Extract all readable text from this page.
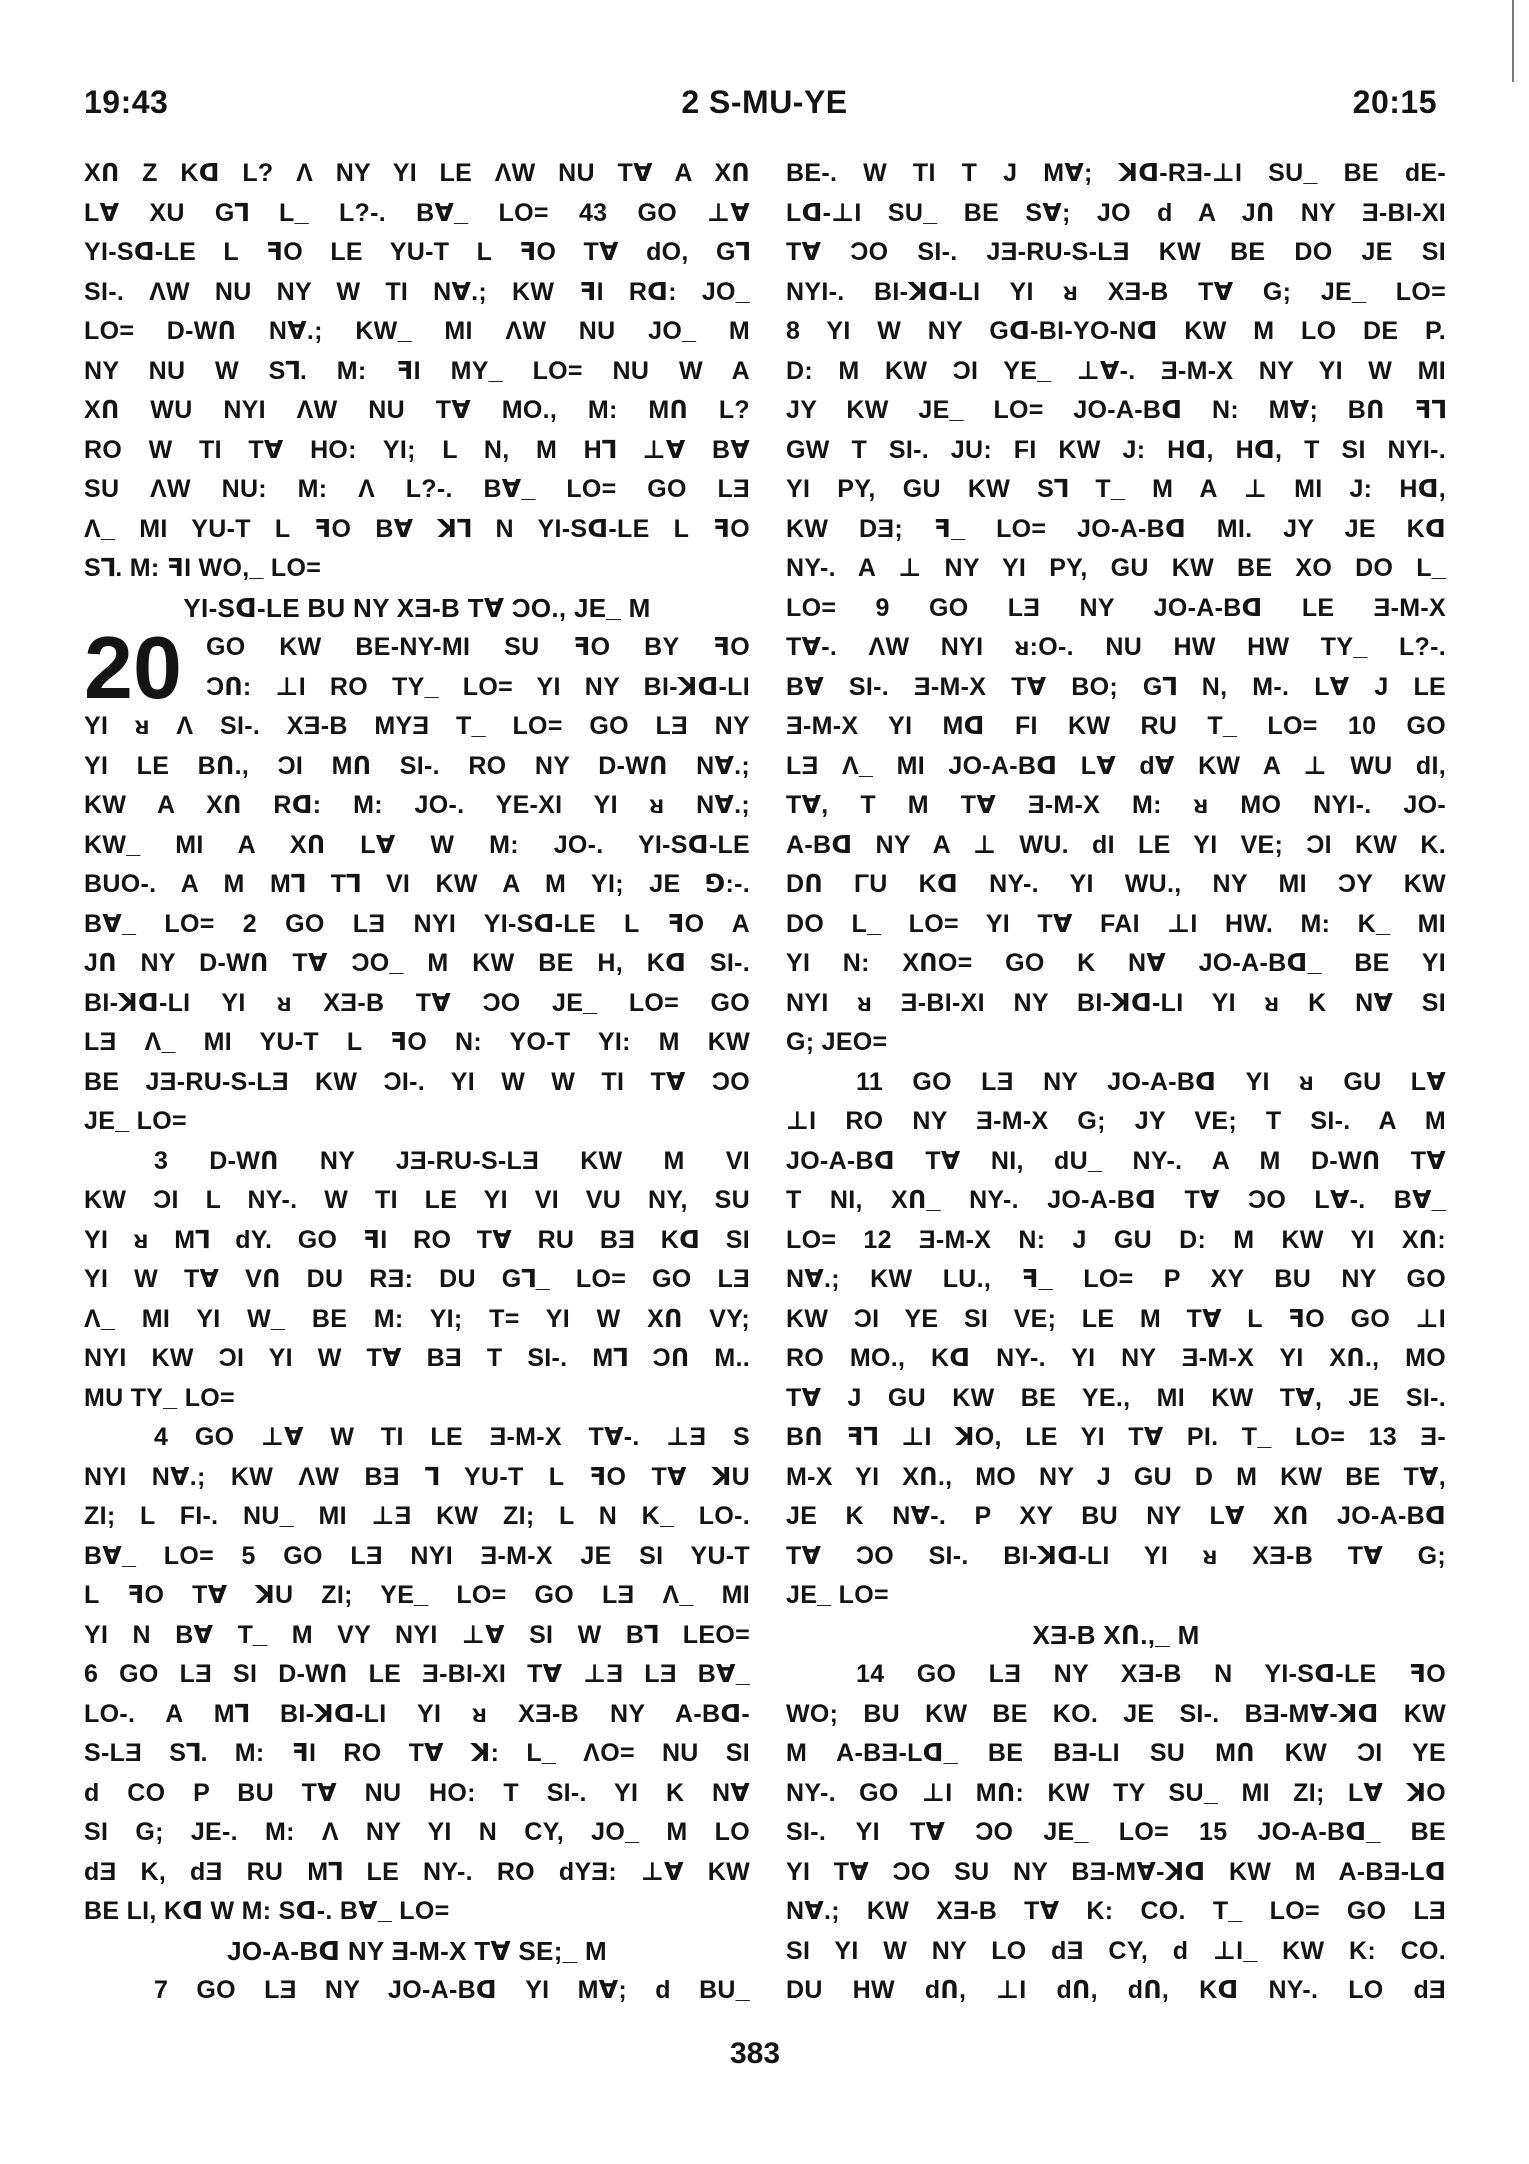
19:43	2 S-MU-YE	20:15
XՈ Z Kᗡ L? Ʌ NY YI LE ɅW NU TⱯ A XՈ
LⱯ XU G⅂ L_ L?-. BⱯ_ LO= 43 GO ⊥Ɐ
YI-Sᗡ-LE L ꟻO LE YU-T L ꟻO TⱯ dO, G⅂
SI-. ɅW NU NY W TI NⱯ.; KW ꟻI Rᗡ: JO_
LO= D-WՈ NⱯ.; KW_ MI ɅW NU JO_ M
NY NU W S⅂. M: ꟻI MY_ LO= NU W A
XՈ WU NYI ɅW NU TⱯ MO., M: MՈ L?
RO W TI TⱯ HO: YI; L N, M H⅂ ⊥Ɐ BⱯ
SU ɅW NU: M: Ʌ L?-. BⱯ_ LO= GO LƎ
Ʌ_ MI YU-T L ꟻO BⱯ ꓘ⅂ N YI-Sᗡ-LE L ꟻO
S⅂. M: ꟻI WO,_ LO=
YI-Sᗡ-LE BU NY XƎ-B TⱯ ƆO., JE_ M
20 GO KW BE-NY-MI SU ꟻO BY ꟻO
ƆՈ: ⊥I RO TY_ LO= YI NY BI-ꓘᗡ-LI
YI ᴚ Ʌ SI-. XƎ-B MYƎ T_ LO= GO LƎ NY
YI LE BՈ., ƆI MՈ SI-. RO NY D-WՈ NⱯ.;
KW A XՈ Rᗡ: M: JO-. YE-XI YI ᴚ NⱯ.;
KW_ MI A XՈ LⱯ W M: JO-. YI-Sᗡ-LE
BUO-. A M M⅂ T⅂ VI KW A M YI; JE ⅁:-.
BⱯ_ LO= 2 GO LƎ NYI YI-Sᗡ-LE L ꟻO A
JՈ NY D-WՈ TⱯ ƆO_ M KW BE H, Kᗡ SI-.
BI-ꓘᗡ-LI YI ᴚ XƎ-B TⱯ ƆO JE_ LO= GO
LƎ Ʌ_ MI YU-T L ꟻO N: YO-T YI: M KW
BE JƎ-RU-S-LƎ KW ƆI-. YI W W TI TⱯ ƆO
JE_ LO=
3 D-WՈ NY JƎ-RU-S-LƎ KW M VI
KW ƆI L NY-. W TI LE YI VI VU NY, SU
YI ᴚ M⅂ dY. GO ꟻI RO TⱯ RU BƎ Kᗡ SI
YI W TⱯ VՈ DU RƎ: DU G⅂_ LO= GO LƎ
Ʌ_ MI YI W_ BE M: YI; T= YI W XՈ VY;
NYI KW ƆI YI W TⱯ BƎ T SI-. M⅂ ƆՈ M..
MU TY_ LO=
4 GO ⊥Ɐ W TI LE Ǝ-M-X TⱯ-. ⊥Ǝ S
NYI NⱯ.; KW ɅW BƎ ⅂ YU-T L ꟻO TⱯ ꓘU
ZI; L FI-. NU_ MI ⊥Ǝ KW ZI; L N K_ LO-.
BⱯ_ LO= 5 GO LƎ NYI Ǝ-M-X JE SI YU-T
L ꟻO TⱯ ꓘU ZI; YE_ LO= GO LƎ Ʌ_ MI
YI N BⱯ T_ M VY NYI ⊥Ɐ SI W B⅂ LEO=
6 GO LƎ SI D-WՈ LE Ǝ-BI-XI TⱯ ⊥Ǝ LƎ BⱯ_
LO-. A M⅂ BI-ꓘᗡ-LI YI ᴚ XƎ-B NY A-Bᗡ-
S-LƎ S⅂. M: ꟻI RO TⱯ ꓘ: L_ ɅO= NU SI
d CO P BU TⱯ NU HO: T SI-. YI K NⱯ
SI G; JE-. M: Ʌ NY YI N CY, JO_ M LO
dƎ K, dƎ RU M⅂ LE NY-. RO dYƎ: ⊥Ɐ KW
BE LI, Kᗡ W M: Sᗡ-. BⱯ_ LO=
JO-A-Bᗡ NY Ǝ-M-X TⱯ SE;_ M
7 GO LƎ NY JO-A-Bᗡ YI MⱯ; d BU_
BE-. W TI T J MⱯ; ꓘᗡ-RƎ-⊥I SU_ BE dE-
Lᗡ-⊥I SU_ BE SⱯ; JO d A JՈ NY Ǝ-BI-XI
TⱯ ƆO SI-. JƎ-RU-S-LƎ KW BE DO JE SI
NYI-. BI-ꓘᗡ-LI YI ᴚ XƎ-B TⱯ G; JE_ LO=
8 YI W NY Gᗡ-BI-YO-Nᗡ KW M LO DE P.
D: M KW ƆI YE_ ⊥Ɐ-. Ǝ-M-X NY YI W MI
JY KW JE_ LO= JO-A-Bᗡ N: MⱯ; BՈ ꟻ⅂
GW T SI-. JU: FI KW J: Hᗡ, Hᗡ, T SI NYI-.
YI PY, GU KW S⅂ T_ M A ⊥ MI J: Hᗡ,
KW DƎ; ꟻ_ LO= JO-A-Bᗡ MI. JY JE Kᗡ
NY-. A ⊥ NY YI PY, GU KW BE XO DO L_
LO= 9 GO LƎ NY JO-A-Bᗡ LE Ǝ-M-X
TⱯ-. ɅW NYI ᴚ:O-. NU HW HW TY_ L?-.
BⱯ SI-. Ǝ-M-X TⱯ BO; G⅂ N, M-. LⱯ J LE
Ǝ-M-X YI Mᗡ FI KW RU T_ LO= 10 GO
LƎ Ʌ_ MI JO-A-Bᗡ LⱯ dⱯ KW A ⊥ WU dI,
TⱯ, T M TⱯ Ǝ-M-X M: ᴚ MO NYI-. JO-
A-Bᗡ NY A ⊥ WU. dI LE YI VE; ƆI KW K.
DՈ ΓU Kᗡ NY-. YI WU., NY MI ƆY KW
DO L_ LO= YI TⱯ FAI ⊥I HW. M: K_ MI
YI N: XՈO= GO K NⱯ JO-A-Bᗡ_ BE YI
NYI ᴚ Ǝ-BI-XI NY BI-ꓘᗡ-LI YI ᴚ K NⱯ SI
G; JEO=
11 GO LƎ NY JO-A-Bᗡ YI ᴚ GU LⱯ
⊥I RO NY Ǝ-M-X G; JY VE; T SI-. A M
JO-A-Bᗡ TⱯ NI, dU_ NY-. A M D-WՈ TⱯ
T NI, XՈ_ NY-. JO-A-Bᗡ TⱯ ƆO LⱯ-. BⱯ_
LO= 12 Ǝ-M-X N: J GU D: M KW YI XՈ:
NⱯ.; KW LU., ꟻ_ LO= P XY BU NY GO
KW ƆI YE SI VE; LE M TⱯ L ꟻO GO ⊥I
RO MO., Kᗡ NY-. YI NY Ǝ-M-X YI XՈ., MO
TⱯ J GU KW BE YE., MI KW TⱯ, JE SI-.
BՈ ꟻ⅂ ⊥I ꓘO, LE YI TⱯ PI. T_ LO= 13 Ǝ-
M-X YI XՈ., MO NY J GU D M KW BE TⱯ,
JE K NⱯ-. P XY BU NY LⱯ XՈ JO-A-Bᗡ
TⱯ ƆO SI-. BI-ꓘᗡ-LI YI ᴚ XƎ-B TⱯ G;
JE_ LO=
XƎ-B XՈ.,_ M
14 GO LƎ NY XƎ-B N YI-Sᗡ-LE ꟻO
WO; BU KW BE KO. JE SI-. BƎ-MⱯ-ꓘᗡ KW
M A-BƎ-Lᗡ_ BE BƎ-LI SU MՈ KW ƆI YE
NY-. GO ⊥I MՈ: KW TY SU_ MI ZI; LⱯ ꓘO
SI-. YI TⱯ ƆO JE_ LO= 15 JO-A-Bᗡ_ BE
YI TⱯ ƆO SU NY BƎ-MⱯ-ꓘᗡ KW M A-BƎ-Lᗡ
NⱯ.; KW XƎ-B TⱯ K: CO. T_ LO= GO LƎ
SI YI W NY LO dƎ CY, d ⊥I_ KW K: CO.
DU HW dՈ, ⊥I dՈ, dՈ, Kᗡ NY-. LO dƎ
383
